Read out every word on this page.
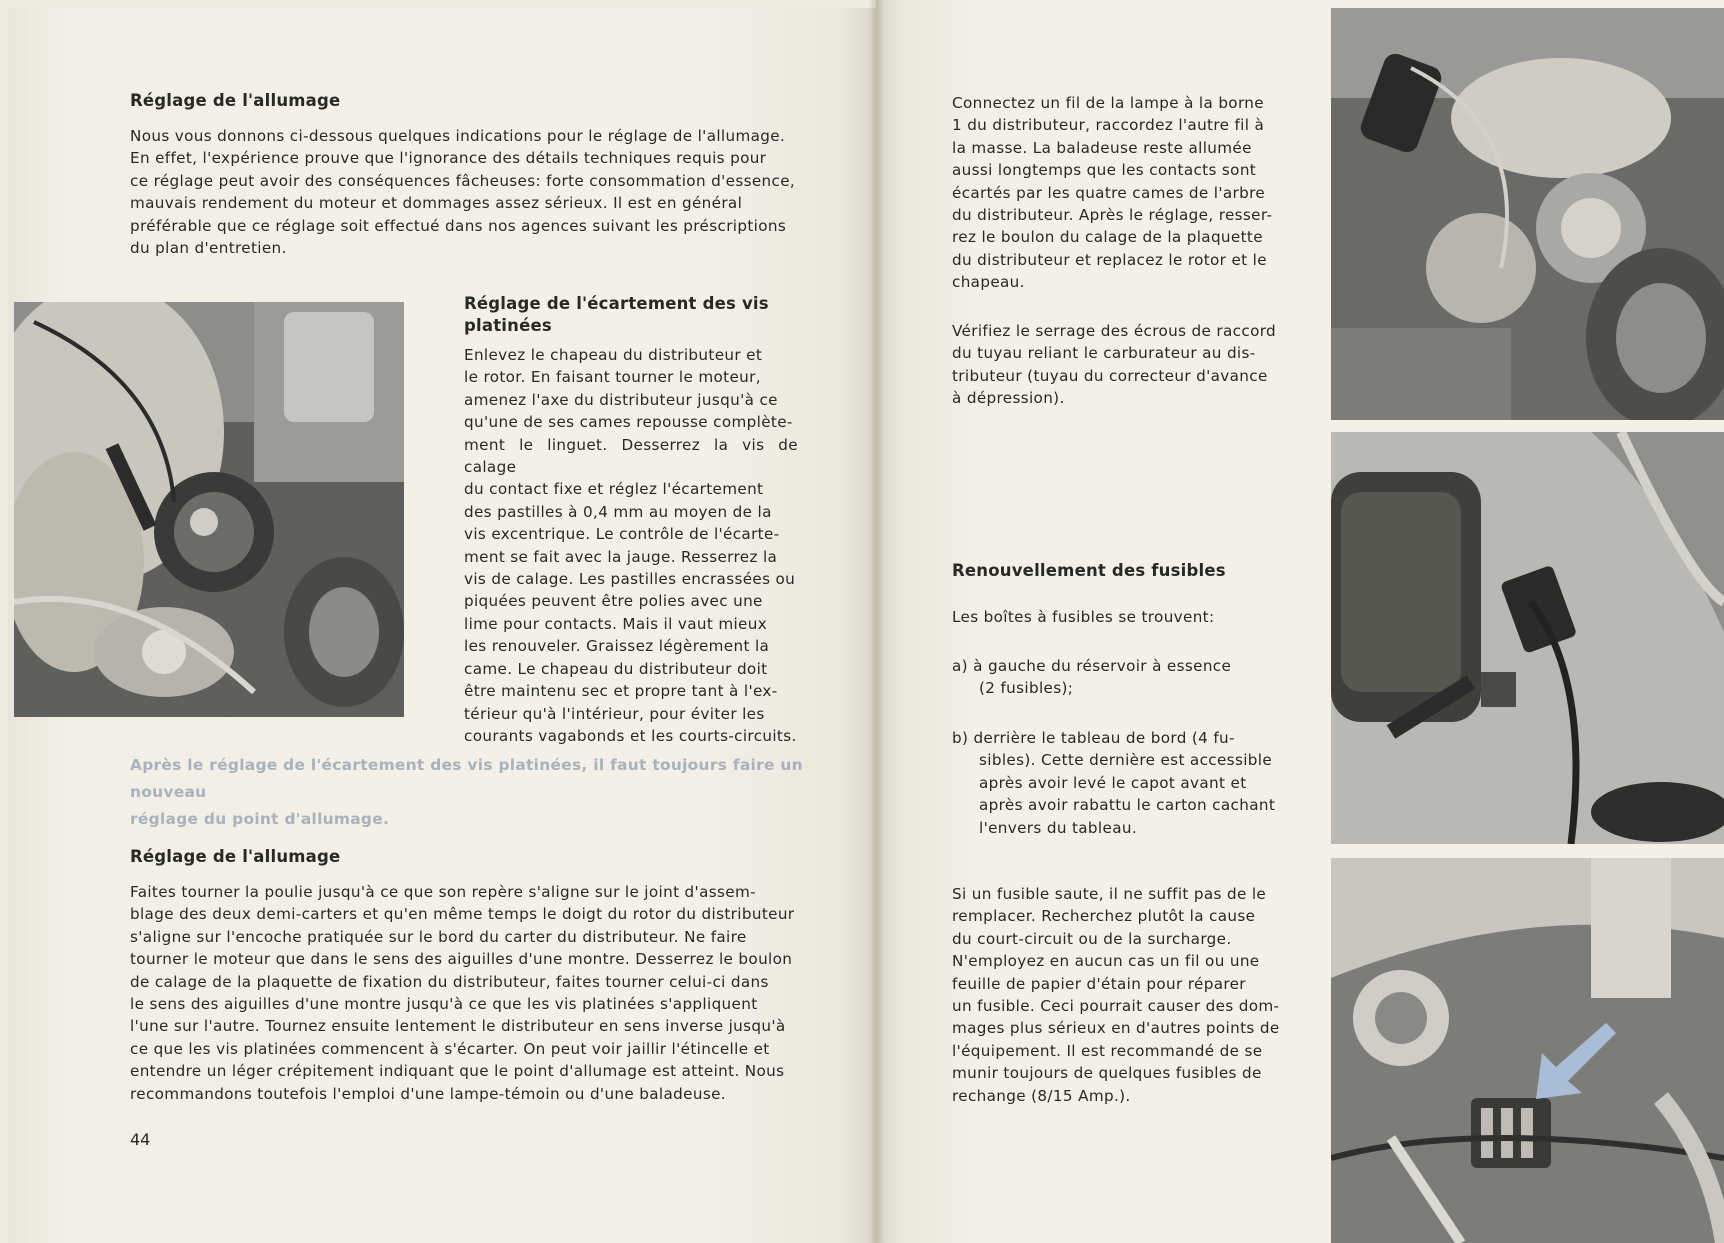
Réglage de l'allumage
Nous vous donnons ci-dessous quelques indications pour le réglage de l'allumage.
En effet, l'expérience prouve que l'ignorance des détails techniques requis pour
ce réglage peut avoir des conséquences fâcheuses: forte consommation d'essence,
mauvais rendement du moteur et dommages assez sérieux. Il est en général
préférable que ce réglage soit effectué dans nos agences suivant les préscriptions
du plan d'entretien.
Réglage de l'écartement des vis
platinées
Enlevez le chapeau du distributeur et
le rotor. En faisant tourner le moteur,
amenez l'axe du distributeur jusqu'à ce
qu'une de ses cames repousse complète-
ment le linguet. Desserrez la vis de calage
du contact fixe et réglez l'écartement
des pastilles à 0,4 mm au moyen de la
vis excentrique. Le contrôle de l'écarte-
ment se fait avec la jauge. Resserrez la
vis de calage. Les pastilles encrassées ou
piquées peuvent être polies avec une
lime pour contacts. Mais il vaut mieux
les renouveler. Graissez légèrement la
came. Le chapeau du distributeur doit
être maintenu sec et propre tant à l'ex-
térieur qu'à l'intérieur, pour éviter les
courants vagabonds et les courts-circuits.
Après le réglage de l'écartement des vis platinées, il faut toujours faire un nouveau
réglage du point d'allumage.
Réglage de l'allumage
Faites tourner la poulie jusqu'à ce que son repère s'aligne sur le joint d'assem-
blage des deux demi-carters et qu'en même temps le doigt du rotor du distributeur
s'aligne sur l'encoche pratiquée sur le bord du carter du distributeur. Ne faire
tourner le moteur que dans le sens des aiguilles d'une montre. Desserrez le boulon
de calage de la plaquette de fixation du distributeur, faites tourner celui-ci dans
le sens des aiguilles d'une montre jusqu'à ce que les vis platinées s'appliquent
l'une sur l'autre. Tournez ensuite lentement le distributeur en sens inverse jusqu'à
ce que les vis platinées commencent à s'écarter. On peut voir jaillir l'étincelle et
entendre un léger crépitement indiquant que le point d'allumage est atteint. Nous
recommandons toutefois l'emploi d'une lampe-témoin ou d'une baladeuse.
44
Connectez un fil de la lampe à la borne
1 du distributeur, raccordez l'autre fil à
la masse. La baladeuse reste allumée
aussi longtemps que les contacts sont
écartés par les quatre cames de l'arbre
du distributeur. Après le réglage, resser-
rez le boulon du calage de la plaquette
du distributeur et replacez le rotor et le
chapeau.
Vérifiez le serrage des écrous de raccord
du tuyau reliant le carburateur au dis-
tributeur (tuyau du correcteur d'avance
à dépression).
Renouvellement des fusibles
Les boîtes à fusibles se trouvent:
a) à gauche du réservoir à essence
(2 fusibles);
b) derrière le tableau de bord (4 fu-
sibles). Cette dernière est accessible
après avoir levé le capot avant et
après avoir rabattu le carton cachant
l'envers du tableau.
Si un fusible saute, il ne suffit pas de le
remplacer. Recherchez plutôt la cause
du court-circuit ou de la surcharge.
N'employez en aucun cas un fil ou une
feuille de papier d'étain pour réparer
un fusible. Ceci pourrait causer des dom-
mages plus sérieux en d'autres points de
l'équipement. Il est recommandé de se
munir toujours de quelques fusibles de
rechange (8/15 Amp.).
